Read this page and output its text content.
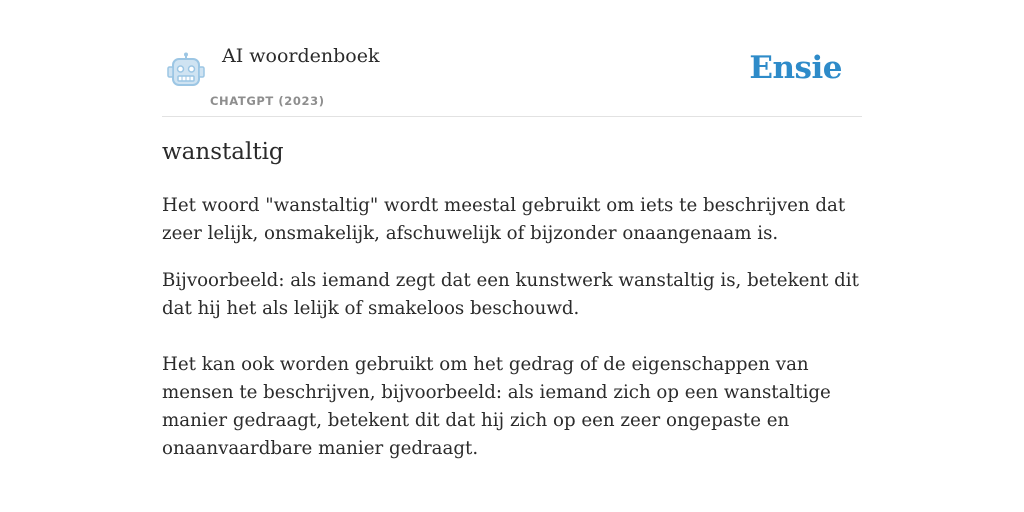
AI woordenboek
CHATGPT (2023)
Ensie
wanstaltig

Het woord "wanstaltig" wordt meestal gebruikt om iets te beschrijven dat zeer lelijk, onsmakelijk, afschuwelijk of bijzonder onaangenaam is.

Bijvoorbeeld: als iemand zegt dat een kunstwerk wanstaltig is, betekent dit dat hij het als lelijk of smakeloos beschouwd.

Het kan ook worden gebruikt om het gedrag of de eigenschappen van mensen te beschrijven, bijvoorbeeld: als iemand zich op een wanstaltige manier gedraagt, betekent dit dat hij zich op een zeer ongepaste en onaanvaardbare manier gedraagt.
